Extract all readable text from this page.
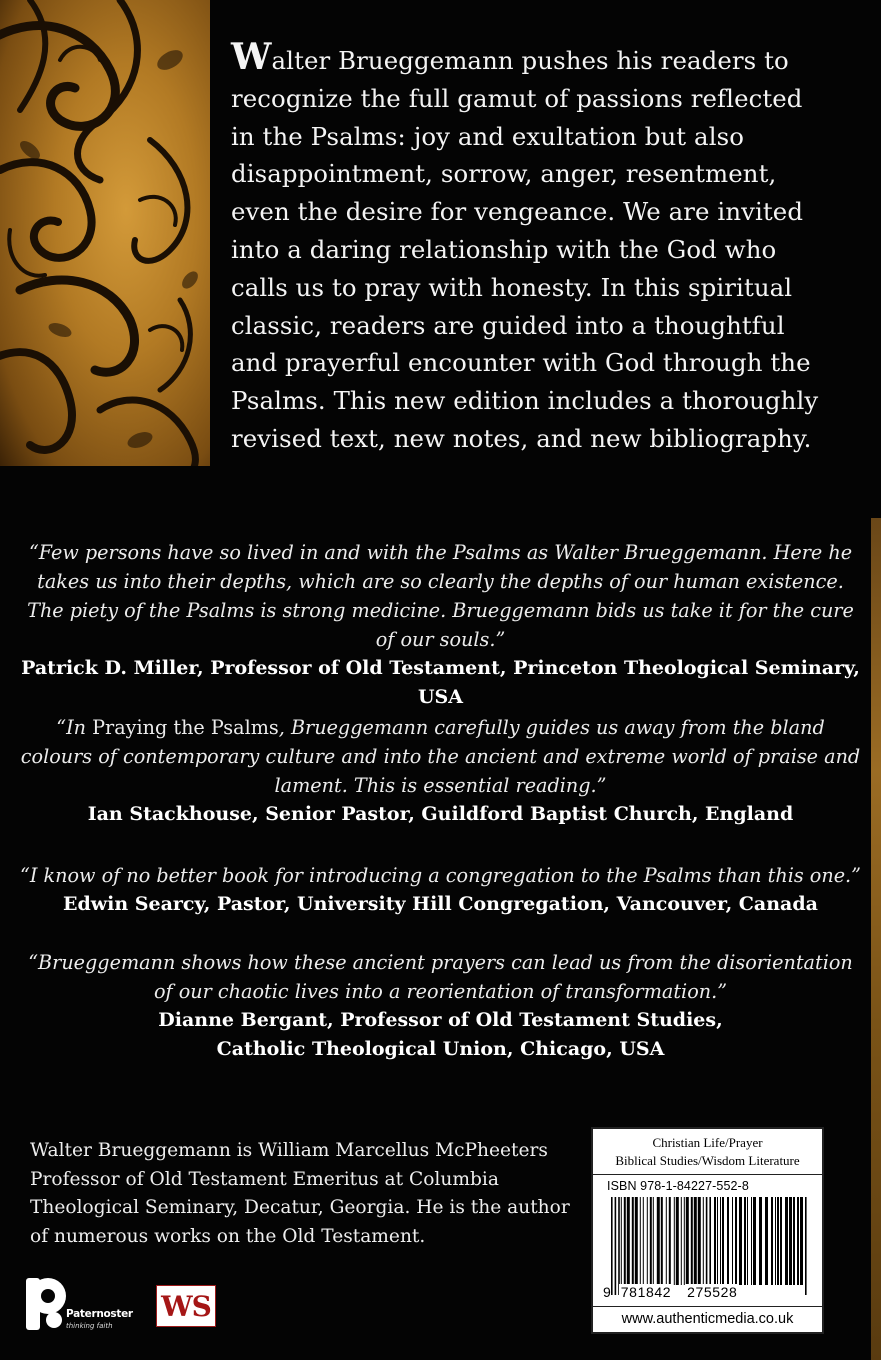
Walter Brueggemann pushes his readers to recognize the full gamut of passions reflected in the Psalms: joy and exultation but also disappointment, sorrow, anger, resentment, even the desire for vengeance. We are invited into a daring relationship with the God who calls us to pray with honesty. In this spiritual classic, readers are guided into a thoughtful and prayerful encounter with God through the Psalms. This new edition includes a thoroughly revised text, new notes, and new bibliography.
“Few persons have so lived in and with the Psalms as Walter Brueggemann. Here he takes us into their depths, which are so clearly the depths of our human existence. The piety of the Psalms is strong medicine. Brueggemann bids us take it for the cure of our souls.”
Patrick D. Miller, Professor of Old Testament, Princeton Theological Seminary, USA
“In Praying the Psalms, Brueggemann carefully guides us away from the bland colours of contemporary culture and into the ancient and extreme world of praise and lament. This is essential reading.”
Ian Stackhouse, Senior Pastor, Guildford Baptist Church, England
“I know of no better book for introducing a congregation to the Psalms than this one.”
Edwin Searcy, Pastor, University Hill Congregation, Vancouver, Canada
“Brueggemann shows how these ancient prayers can lead us from the disorientation of our chaotic lives into a reorientation of transformation.”
Dianne Bergant, Professor of Old Testament Studies,
Catholic Theological Union, Chicago, USA
Walter Brueggemann is William Marcellus McPheeters Professor of Old Testament Emeritus at Columbia Theological Seminary, Decatur, Georgia. He is the author of numerous works on the Old Testament.
Paternoster
thinking faith
WS
Christian Life/Prayer
Biblical Studies/Wisdom Literature
ISBN 978-1-84227-552-8
9 781842 275528
www.authenticmedia.co.uk
